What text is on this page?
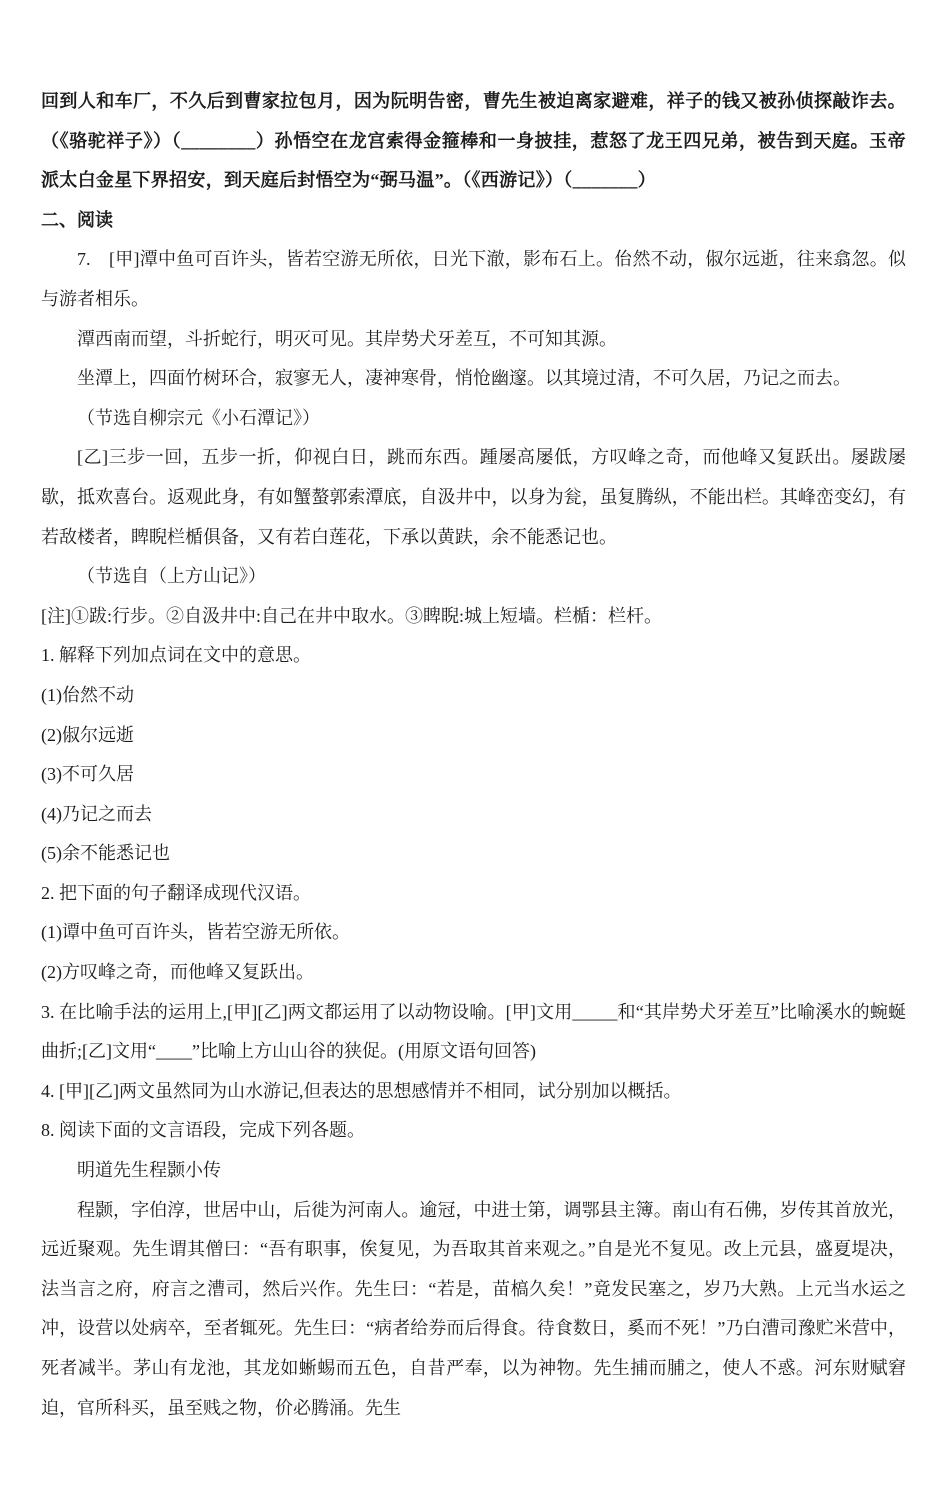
回到人和车厂，不久后到曹家拉包月，因为阮明告密，曹先生被迫离家避难，祥子的钱又被孙侦探敲诈去。（《骆驼祥子》）（________）孙悟空在龙宫索得金箍棒和一身披挂，惹怒了龙王四兄弟，被告到天庭。玉帝派太白金星下界招安，到天庭后封悟空为“弼马温”。（《西游记》）（_______）

二、阅读

7.　[甲]潭中鱼可百许头，皆若空游无所依，日光下澈，影布石上。佁然不动，俶尔远逝，往来翕忽。似与游者相乐。

潭西南而望，斗折蛇行，明灭可见。其岸势犬牙差互，不可知其源。

坐潭上，四面竹树环合，寂寥无人，凄神寒骨，悄怆幽邃。以其境过清，不可久居，乃记之而去。

（节选自柳宗元《小石潭记》）

[乙]三步一回，五步一折，仰视白日，跳而东西。踵屡高屡低，方叹峰之奇，而他峰又复跃出。屡跋屡歇，抵欢喜台。返观此身，有如蟹螯郭索潭底，自汲井中，以身为瓮，虽复腾纵，不能出栏。其峰峦变幻，有若敌楼者，睥睨栏楯俱备，又有若白莲花，下承以黄趺，余不能悉记也。

（节选自（上方山记》）

[注]①跋:行步。②自汲井中:自己在井中取水。③睥睨:城上短墙。栏楯：栏杆。

1. 解释下列加点词在文中的意思。

(1)佁然不动

(2)俶尔远逝

(3)不可久居

(4)乃记之而去

(5)余不能悉记也

2. 把下面的句子翻译成现代汉语。

(1)谭中鱼可百许头，皆若空游无所依。

(2)方叹峰之奇，而他峰又复跃出。

3. 在比喻手法的运用上,[甲][乙]两文都运用了以动物设喻。[甲]文用_____和“其岸势犬牙差互”比喻溪水的蜿蜒曲折;[乙]文用“____”比喻上方山山谷的狭促。(用原文语句回答)

4. [甲][乙]两文虽然同为山水游记,但表达的思想感情并不相同，试分别加以概括。

8. 阅读下面的文言语段，完成下列各题。

明道先生程颢小传

程颢，字伯淳，世居中山，后徙为河南人。逾冠，中进士第，调鄂县主簿。南山有石佛，岁传其首放光，远近聚观。先生谓其僧曰：“吾有职事，俟复见，为吾取其首来观之。”自是光不复见。改上元县，盛夏堤决，法当言之府，府言之漕司，然后兴作。先生曰：“若是，苗槁久矣！”竟发民塞之，岁乃大熟。上元当水运之冲，设营以处病卒，至者辄死。先生曰：“病者给券而后得食。待食数日，奚而不死！”乃白漕司豫贮米营中，死者减半。茅山有龙池，其龙如蜥蜴而五色，自昔严奉，以为神物。先生捕而脯之，使人不惑。河东财赋窘迫，官所科买，虽至贱之物，价必腾涌。先生
